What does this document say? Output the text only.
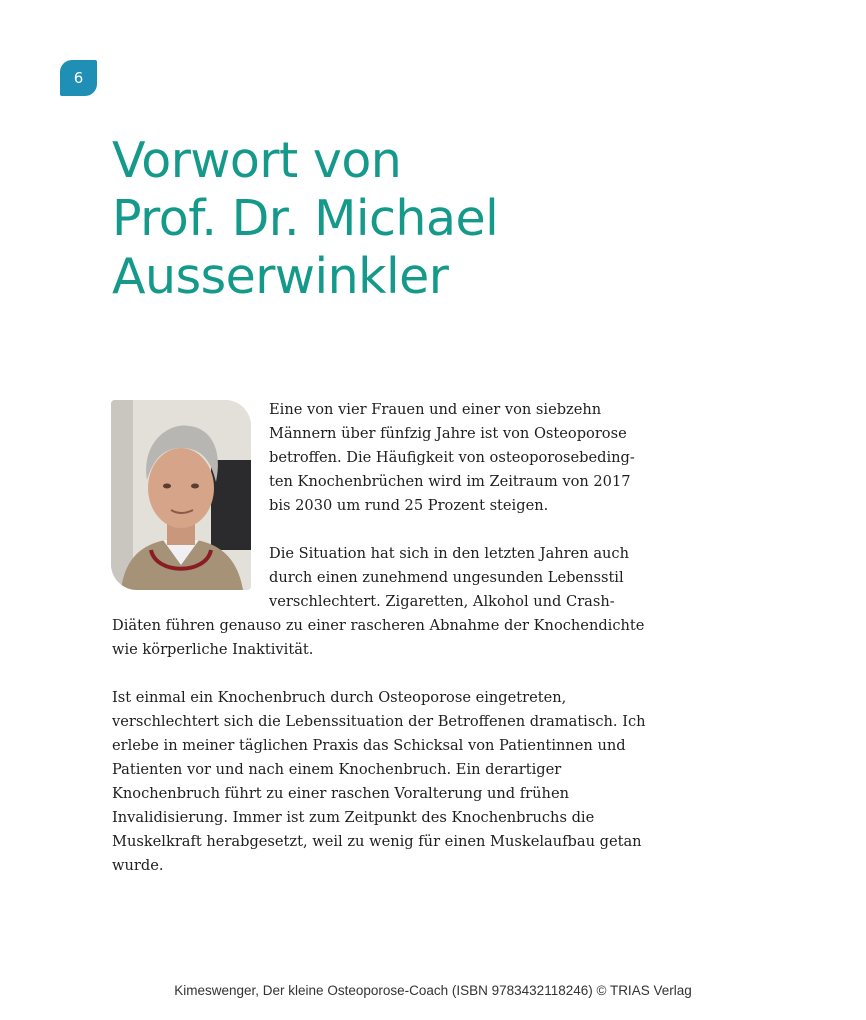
6
Vorwort von
Prof. Dr. Michael
Ausserwinkler

Eine von vier Frauen und einer von siebzehn Männern über fünfzig Jahre ist von Osteoporose betroffen. Die Häufigkeit von osteoporosebedingten Knochenbrüchen wird im Zeitraum von 2017 bis 2030 um rund 25 Prozent steigen.

Die Situation hat sich in den letzten Jahren auch durch einen zunehmend ungesunden Lebensstil verschlechtert. Zigaretten, Alkohol und Crash-Diäten führen genauso zu einer rascheren Abnahme der Knochendichte wie körperliche Inaktivität.

Ist einmal ein Knochenbruch durch Osteoporose eingetreten, verschlechtert sich die Lebenssituation der Betroffenen dramatisch. Ich erlebe in meiner täglichen Praxis das Schicksal von Patientinnen und Patienten vor und nach einem Knochenbruch. Ein derartiger Knochenbruch führt zu einer raschen Voralterung und frühen Invalidisierung. Immer ist zum Zeitpunkt des Knochenbruchs die Muskelkraft herabgesetzt, weil zu wenig für einen Muskelaufbau getan wurde.

Kimeswenger, Der kleine Osteoporose-Coach (ISBN 9783432118246) © TRIAS Verlag
